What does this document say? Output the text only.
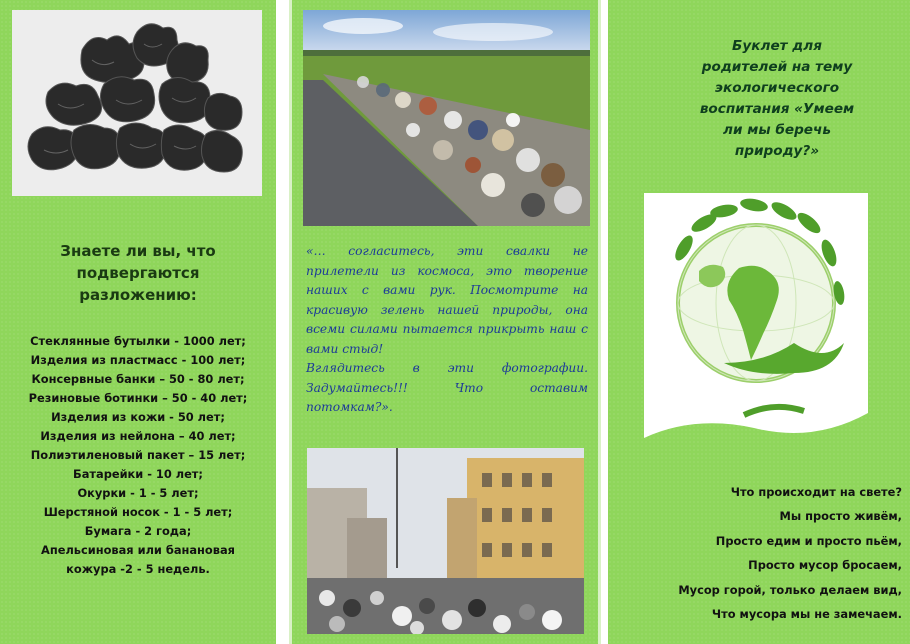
Знаете ли вы, что
подвергаются
разложению:
Стеклянные бутылки - 1000 лет;
Изделия из пластмасс - 100 лет;
Консервные банки – 50 - 80 лет;
Резиновые ботинки – 50 - 40 лет;
Изделия из кожи - 50 лет;
Изделия из нейлона – 40 лет;
Полиэтиленовый пакет – 15 лет;
Батарейки - 10 лет;
Окурки - 1 - 5 лет;
Шерстяной носок - 1 - 5 лет;
Бумага - 2 года;
Апельсиновая или банановая
кожура -2 - 5 недель.

«… согласитесь, эти свалки не прилетели из космоса, это творение наших с вами рук. Посмотрите на красивую зелень нашей природы, она всеми силами пытается прикрыть наш с вами стыд!

Вглядитесь в эти фотографии. Задумайтесь!!! Что оставим потомкам?».

Буклет для
родителей на тему
экологического
воспитания «Умеем
ли мы беречь
природу?»
Что происходит на свете?
Мы просто живём,
Просто едим и просто пьём,
Просто мусор бросаем,
Мусор горой, только делаем вид,
Что мусора мы не замечаем.
